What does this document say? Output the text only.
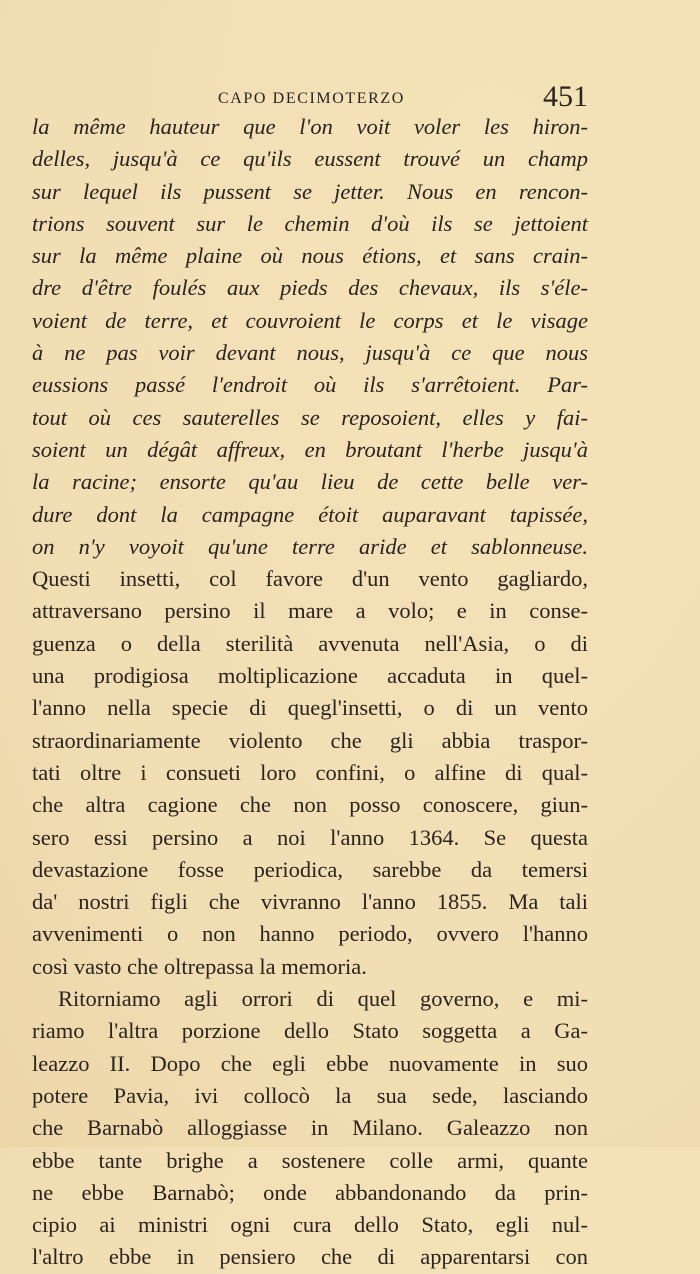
CAPO DECIMOTERZO	451
la même hauteur que l'on voit voler les hiron-
delles, jusqu'à ce qu'ils eussent trouvé un champ
sur lequel ils pussent se jetter. Nous en rencon-
trions souvent sur le chemin d'où ils se jettoient
sur la même plaine où nous étions, et sans crain-
dre d'être foulés aux pieds des chevaux, ils s'éle-
voient de terre, et couvroient le corps et le visage
à ne pas voir devant nous, jusqu'à ce que nous
eussions passé l'endroit où ils s'arrêtoient. Par-
tout où ces sauterelles se reposoient, elles y fai-
soient un dégât affreux, en broutant l'herbe jusqu'à
la racine; ensorte qu'au lieu de cette belle ver-
dure dont la campagne étoit auparavant tapissée,
on n'y voyoit qu'une terre aride et sablonneuse.
Questi insetti, col favore d'un vento gagliardo,
attraversano persino il mare a volo; e in conse-
guenza o della sterilità avvenuta nell'Asia, o di
una prodigiosa moltiplicazione accaduta in quel-
l'anno nella specie di quegl'insetti, o di un vento
straordinariamente violento che gli abbia traspor-
tati oltre i consueti loro confini, o alfine di qual-
che altra cagione che non posso conoscere, giun-
sero essi persino a noi l'anno 1364. Se questa
devastazione fosse periodica, sarebbe da temersi
da' nostri figli che vivranno l'anno 1855. Ma tali
avvenimenti o non hanno periodo, ovvero l'hanno
così vasto che oltrepassa la memoria.
Ritorniamo agli orrori di quel governo, e mi-
riamo l'altra porzione dello Stato soggetta a Ga-
leazzo II. Dopo che egli ebbe nuovamente in suo
potere Pavia, ivi collocò la sua sede, lasciando
che Barnabò alloggiasse in Milano. Galeazzo non
ebbe tante brighe a sostenere colle armi, quante
ne ebbe Barnabò; onde abbandonando da prin-
cipio ai ministri ogni cura dello Stato, egli nul-
l'altro ebbe in pensiero che di apparentarsi con
